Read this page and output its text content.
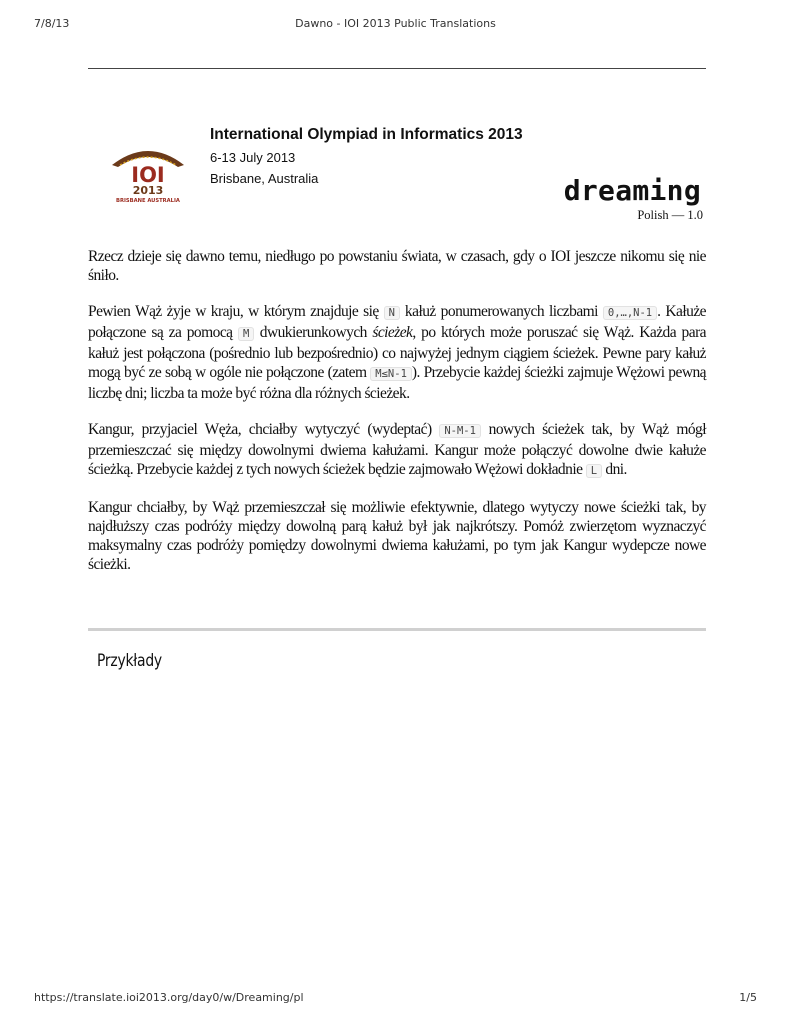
7/8/13	Dawno - IOI 2013 Public Translations
IOI
2013
BRISBANE AUSTRALIA
International Olympiad in Informatics 2013
6-13 July 2013
Brisbane, Australia	dreaming
Polish — 1.0

Rzecz dzieje się dawno temu, niedługo po powstaniu świata, w czasach, gdy o IOI jeszcze nikomu się nie śniło.

Pewien Wąż żyje w kraju, w którym znajduje się N kałuż ponumerowanych liczbami 0,…,N-1 . Kałuże połączone są za pomocą M dwukierunkowych ścieżek, po których może poruszać się Wąż. Każda para kałuż jest połączona (pośrednio lub bezpośrednio) co najwyżej jednym ciągiem ścieżek. Pewne pary kałuż mogą być ze sobą w ogóle nie połączone (zatem M≤N-1 ). Przebycie każdej ścieżki zajmuje Wężowi pewną liczbę dni; liczba ta może być różna dla różnych ścieżek.

Kangur, przyjaciel Węża, chciałby wytyczyć (wydeptać) N-M-1 nowych ścieżek tak, by Wąż mógł przemieszczać się między dowolnymi dwiema kałużami. Kangur może połączyć dowolne dwie kałuże ścieżką. Przebycie każdej z tych nowych ścieżek będzie zajmowało Wężowi dokładnie L dni.

Kangur chciałby, by Wąż przemieszczał się możliwie efektywnie, dlatego wytyczy nowe ścieżki tak, by najdłuższy czas podróży między dowolną parą kałuż był jak najkrótszy. Pomóż zwierzętom wyznaczyć maksymalny czas podróży pomiędzy dowolnymi dwiema kałużami, po tym jak Kangur wydepcze nowe ścieżki.

Przykłady
https://translate.ioi2013.org/day0/w/Dreaming/pl	1/5
